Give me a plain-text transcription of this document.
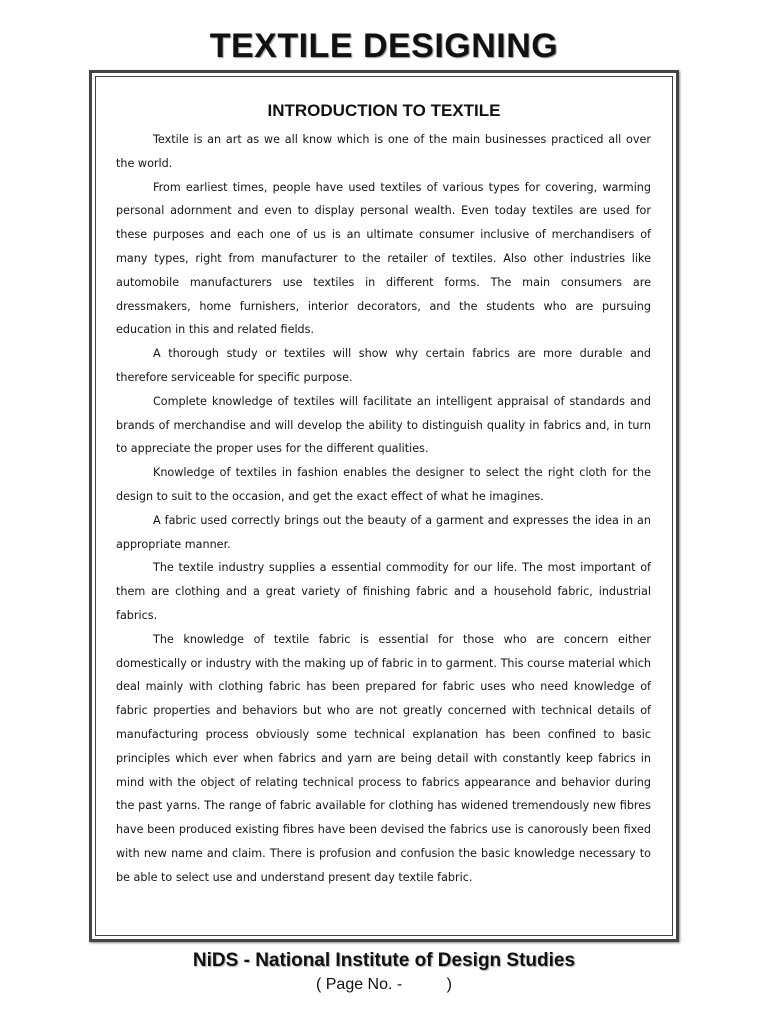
TEXTILE DESIGNING
INTRODUCTION TO TEXTILE

Textile is an art as we all know which is one of the main businesses practiced all over the world.

From earliest times, people have used textiles of various types for covering, warming personal adornment and even to display personal wealth. Even today textiles are used for these purposes and each one of us is an ultimate consumer inclusive of merchandisers of many types, right from manufacturer to the retailer of textiles. Also other industries like automobile manufacturers use textiles in different forms. The main consumers are dressmakers, home furnishers, interior decorators, and the students who are pursuing education in this and related fields.

A thorough study or textiles will show why certain fabrics are more durable and therefore serviceable for specific purpose.

Complete knowledge of textiles will facilitate an intelligent appraisal of standards and brands of merchandise and will develop the ability to distinguish quality in fabrics and, in turn to appreciate the proper uses for the different qualities.

Knowledge of textiles in fashion enables the designer to select the right cloth for the design to suit to the occasion, and get the exact effect of what he imagines.

A fabric used correctly brings out the beauty of a garment and expresses the idea in an appropriate manner.

The textile industry supplies a essential commodity for our life. The most important of them are clothing and a great variety of finishing fabric and a household fabric, industrial fabrics.

The knowledge of textile fabric is essential for those who are concern either domestically or industry with the making up of fabric in to garment. This course material which deal mainly with clothing fabric has been prepared for fabric uses who need knowledge of fabric properties and behaviors but who are not greatly concerned with technical details of manufacturing process obviously some technical explanation has been confined to basic principles which ever when fabrics and yarn are being detail with constantly keep fabrics in mind with the object of relating technical process to fabrics appearance and behavior during the past yarns. The range of fabric available for clothing has widened tremendously new fibres have been produced existing fibres have been devised the fabrics use is canorously been fixed with new name and claim. There is profusion and confusion the basic knowledge necessary to be able to select use and understand present day textile fabric.

NiDS - National Institute of Design Studies
( Page No. -          )
